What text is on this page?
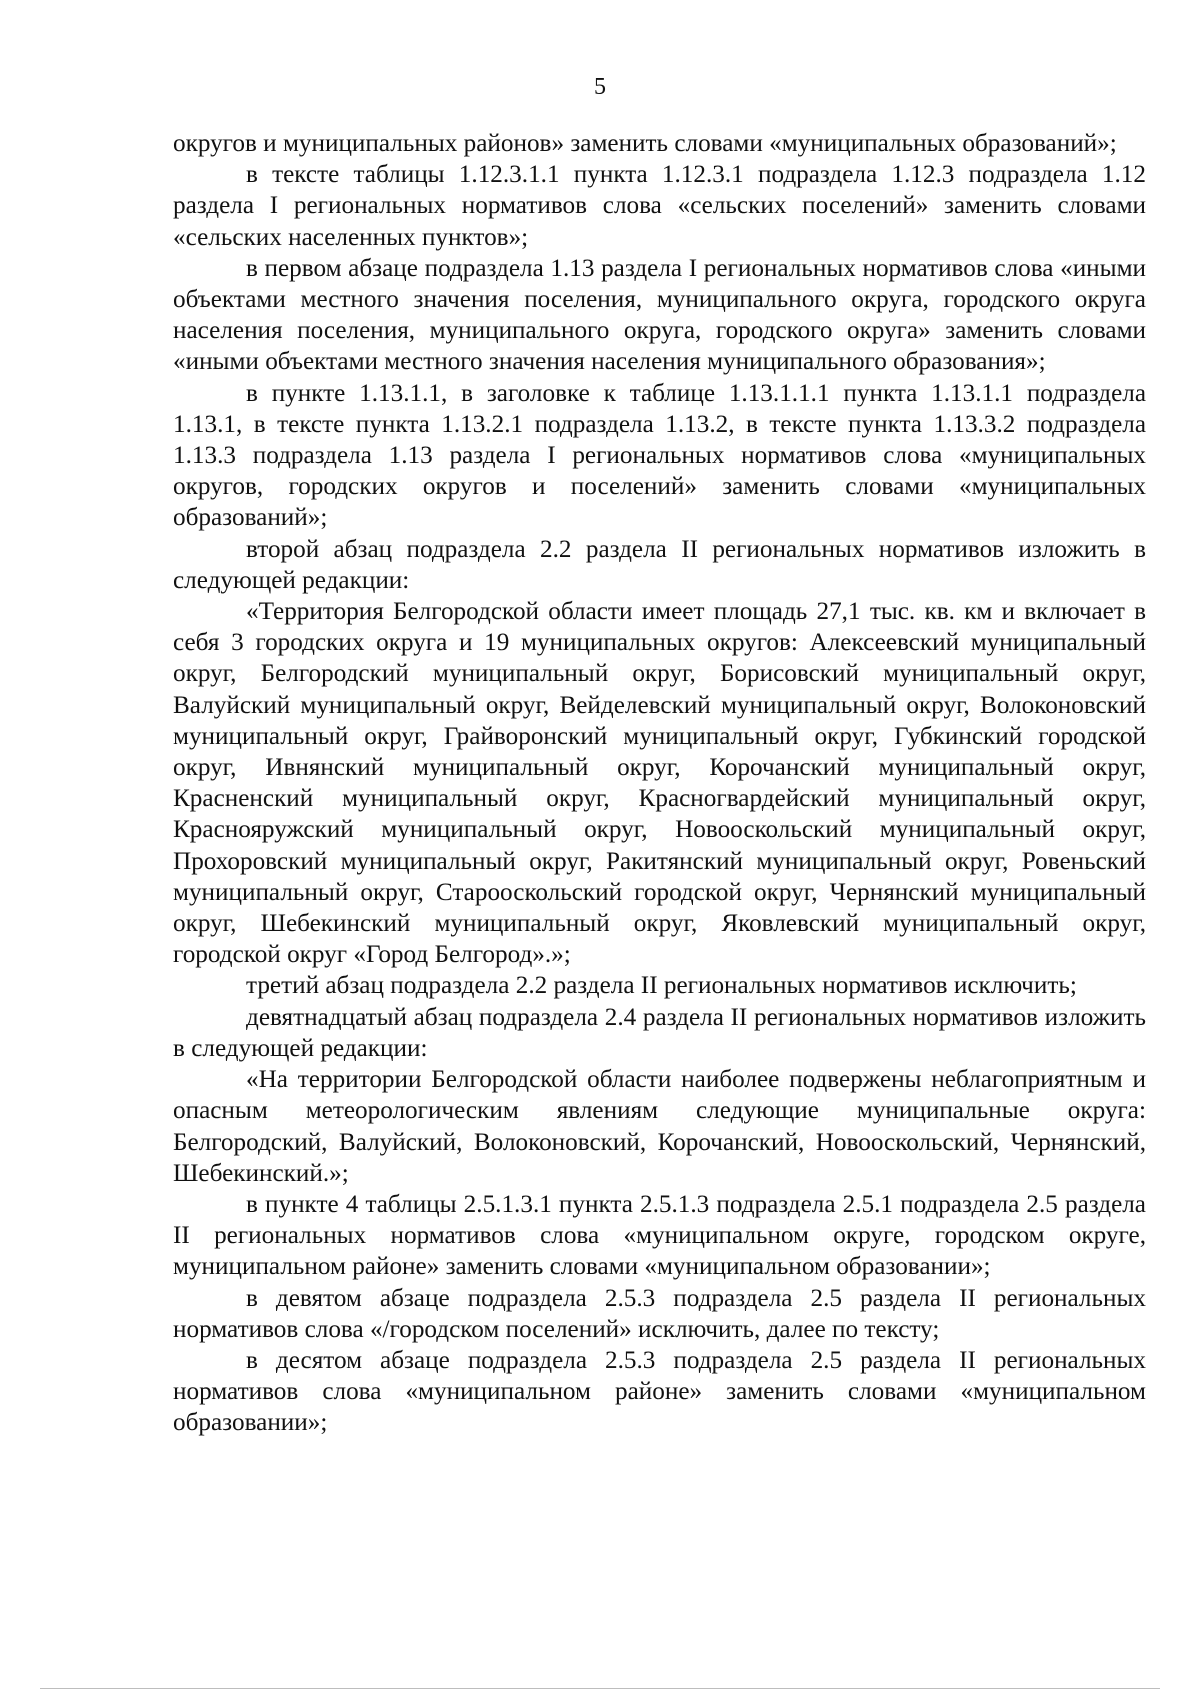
5

округов и муниципальных районов» заменить словами «муниципальных образований»;

в тексте таблицы 1.12.3.1.1 пункта 1.12.3.1 подраздела 1.12.3 подраздела 1.12 раздела I региональных нормативов слова «сельских поселений» заменить словами «сельских населенных пунктов»;

в первом абзаце подраздела 1.13 раздела I региональных нормативов слова «иными объектами местного значения поселения, муниципального округа, городского округа населения поселения, муниципального округа, городского округа» заменить словами «иными объектами местного значения населения муниципального образования»;

в пункте 1.13.1.1, в заголовке к таблице 1.13.1.1.1 пункта 1.13.1.1 подраздела 1.13.1, в тексте пункта 1.13.2.1 подраздела 1.13.2, в тексте пункта 1.13.3.2 подраздела 1.13.3 подраздела 1.13 раздела I региональных нормативов слова «муниципальных округов, городских округов и поселений» заменить словами «муниципальных образований»;

второй абзац подраздела 2.2 раздела II региональных нормативов изложить в следующей редакции:

«Территория Белгородской области имеет площадь 27,1 тыс. кв. км и включает в себя 3 городских округа и 19 муниципальных округов: Алексеевский муниципальный округ, Белгородский муниципальный округ, Борисовский муниципальный округ, Валуйский муниципальный округ, Вейделевский муниципальный округ, Волоконовский муниципальный округ, Грайворонский муниципальный округ, Губкинский городской округ, Ивнянский муниципальный округ, Корочанский муниципальный округ, Красненский муниципальный округ, Красногвардейский муниципальный округ, Краснояружский муниципальный округ, Новооскольский муниципальный округ, Прохоровский муниципальный округ, Ракитянский муниципальный округ, Ровеньский муниципальный округ, Старооскольский городской округ, Чернянский муниципальный округ, Шебекинский муниципальный округ, Яковлевский муниципальный округ, городской округ «Город Белгород».»;

третий абзац подраздела 2.2 раздела II региональных нормативов исключить;

девятнадцатый абзац подраздела 2.4 раздела II региональных нормативов изложить в следующей редакции:

«На территории Белгородской области наиболее подвержены неблагоприятным и опасным метеорологическим явлениям следующие муниципальные округа: Белгородский, Валуйский, Волоконовский, Корочанский, Новооскольский, Чернянский, Шебекинский.»;

в пункте 4 таблицы 2.5.1.3.1 пункта 2.5.1.3 подраздела 2.5.1 подраздела 2.5 раздела II региональных нормативов слова «муниципальном округе, городском округе, муниципальном районе» заменить словами «муниципальном образовании»;

в девятом абзаце подраздела 2.5.3 подраздела 2.5 раздела II региональных нормативов слова «/городском поселений» исключить, далее по тексту;

в десятом абзаце подраздела 2.5.3 подраздела 2.5 раздела II региональных нормативов слова «муниципальном районе» заменить словами «муниципальном образовании»;
